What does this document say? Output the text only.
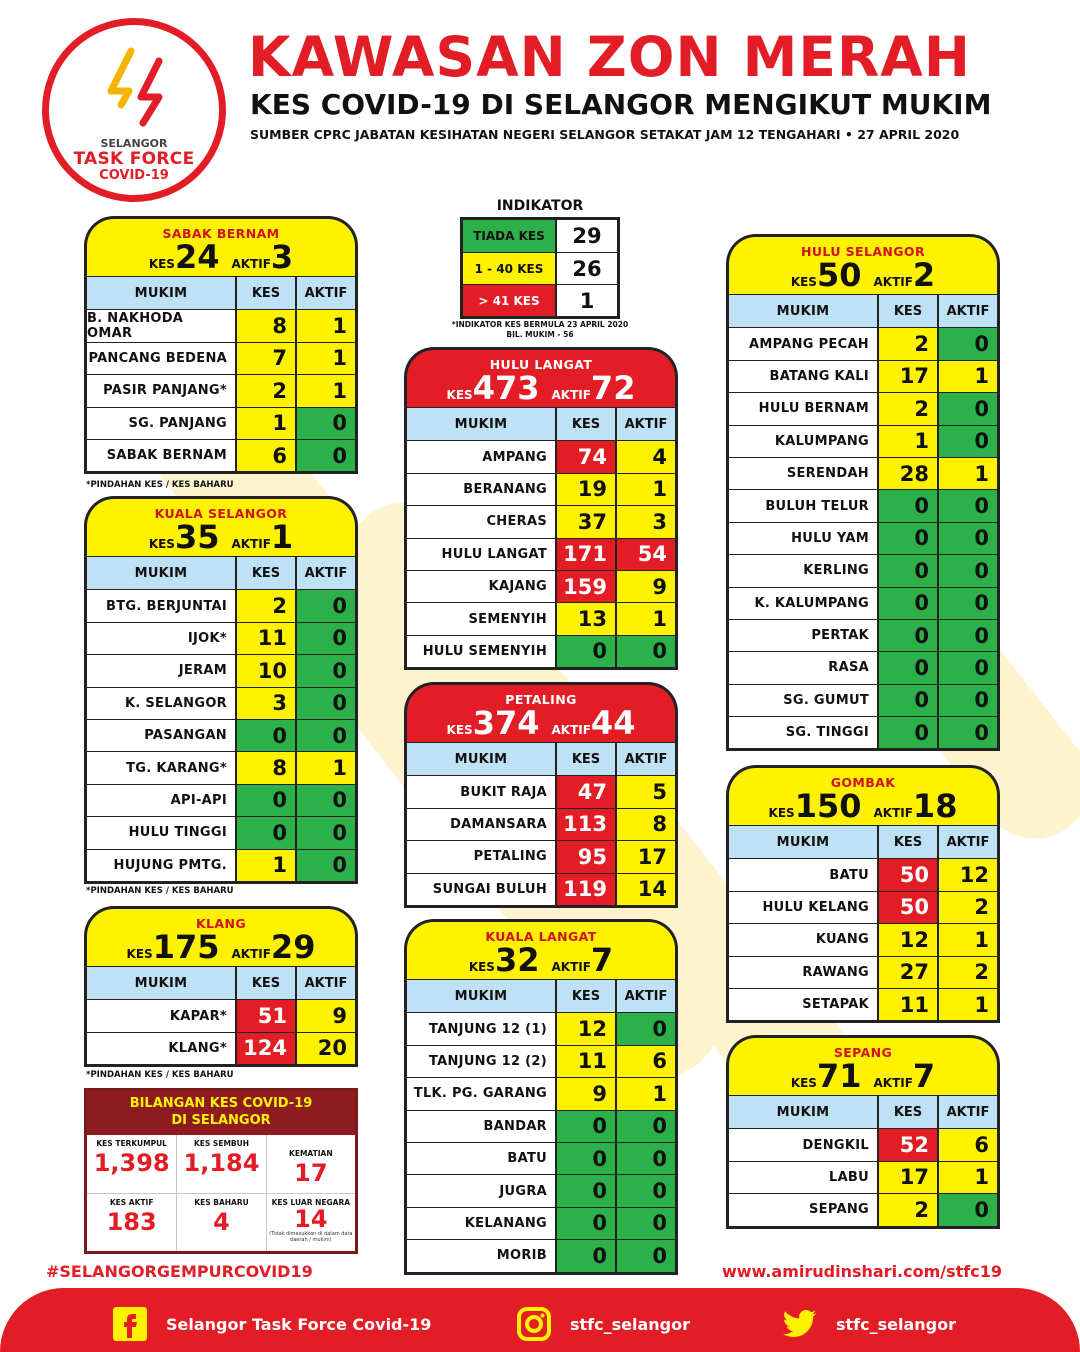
SELANGOR
TASK FORCE
COVID-19
KAWASAN ZON MERAH
KES COVID-19 DI SELANGOR MENGIKUT MUKIM
SUMBER CPRC JABATAN KESIHATAN NEGERI SELANGOR SETAKAT JAM 12 TENGAHARI • 27 APRIL 2020
INDIKATOR
TIADA KES	29
1 - 40 KES	26
> 41 KES	1
*INDIKATOR KES BERMULA 23 APRIL 2020
BIL. MUKIM - 56
SABAK BERNAM
KES24 AKTIF3
MUKIM	KES	AKTIF
B. NAKHODA OMAR	8	1
PANCANG BEDENA	7	1
PASIR PANJANG*	2	1
SG. PANJANG	1	0
SABAK BERNAM	6	0
*PINDAHAN KES / KES BAHARU
KUALA SELANGOR
KES35 AKTIF1
MUKIM	KES	AKTIF
BTG. BERJUNTAI	2	0
IJOK*	11	0
JERAM	10	0
K. SELANGOR	3	0
PASANGAN	0	0
TG. KARANG*	8	1
API-API	0	0
HULU TINGGI	0	0
HUJUNG PMTG.	1	0
*PINDAHAN KES / KES BAHARU
KLANG
KES175 AKTIF29
MUKIM	KES	AKTIF
KAPAR*	51	9
KLANG* 124	20
*PINDAHAN KES / KES BAHARU
HULU LANGAT
KES473 AKTIF72
MUKIM	KES	AKTIF
AMPANG	74	4
BERANANG	19	1
CHERAS	37	3
HULU LANGAT 171	54
KAJANG 159	9
SEMENYIH	13	1
HULU SEMENYIH	0	0
PETALING
KES374 AKTIF44
MUKIM	KES	AKTIF
BUKIT RAJA	47	5
DAMANSARA 113	8
PETALING	95	17
SUNGAI BULUH 119	14
KUALA LANGAT
KES32 AKTIF7
MUKIM	KES	AKTIF
TANJUNG 12 (1)	12	0
TANJUNG 12 (2)	11	6
TLK. PG. GARANG	9	1
BANDAR	0	0
BATU	0	0
JUGRA	0	0
KELANANG	0	0
MORIB	0	0
HULU SELANGOR
KES50 AKTIF2
MUKIM	KES	AKTIF
AMPANG PECAH	2	0
BATANG KALI	17	1
HULU BERNAM	2	0
KALUMPANG	1	0
SERENDAH	28	1
BULUH TELUR	0	0
HULU YAM	0	0
KERLING	0	0
K. KALUMPANG	0	0
PERTAK	0	0
RASA	0	0
SG. GUMUT	0	0
SG. TINGGI	0	0
GOMBAK
KES150 AKTIF18
MUKIM	KES	AKTIF
BATU	50	12
HULU KELANG	50	2
KUANG	12	1
RAWANG	27	2
SETAPAK	11	1
SEPANG
KES71 AKTIF7
MUKIM	KES	AKTIF
DENGKIL	52	6
LABU	17	1
SEPANG	2	0
BILANGAN KES COVID-19
DI SELANGOR
KES TERKUMPUL
1,398
KES SEMBUH
1,184	KEMATIAN
17
KES AKTIF
183
KES BAHARU
4
KES LUAR NEGARA
14
(Tidak dimasukkan di dalam data daerah / mukim)
#SELANGORGEMPURCOVID19	www.amirudinshari.com/stfc19
Selangor Task Force Covid-19	stfc_selangor	stfc_selangor
